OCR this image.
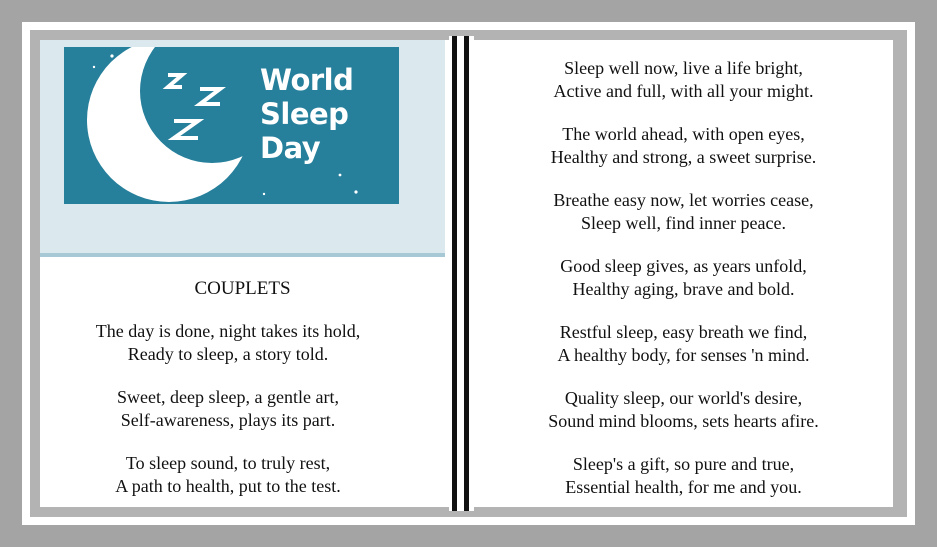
World
Sleep
Day
COUPLETS

The day is done, night takes its hold,
Ready to sleep, a story told.

Sweet, deep sleep, a gentle art,
Self-awareness, plays its part.

To sleep sound, to truly rest,
A path to health, put to the test.

Sleep well now, live a life bright,
Active and full, with all your might.

The world ahead, with open eyes,
Healthy and strong, a sweet surprise.

Breathe easy now, let worries cease,
Sleep well, find inner peace.

Good sleep gives, as years unfold,
Healthy aging, brave and bold.

Restful sleep, easy breath we find,
A healthy body, for senses 'n mind.

Quality sleep, our world's desire,
Sound mind blooms, sets hearts afire.

Sleep's a gift, so pure and true,
Essential health, for me and you.
